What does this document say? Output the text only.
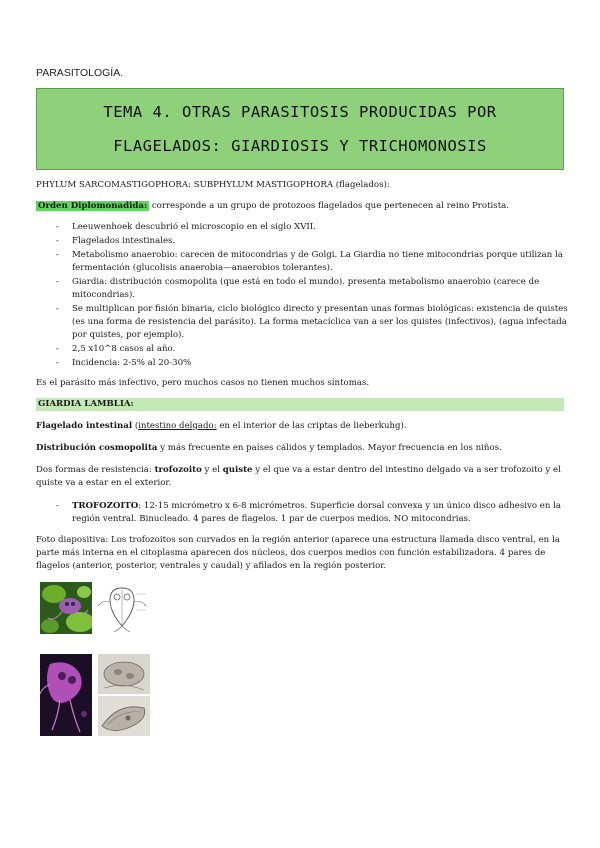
PARASITOLOGÍA.
TEMA 4. OTRAS PARASITOSIS PRODUCIDAS POR FLAGELADOS: GIARDIOSIS Y TRICHOMONOSIS
PHYLUM SARCOMASTIGOPHORA: SUBPHYLUM MASTIGOPHORA (flagelados):
Orden Diplomonadida: corresponde a un grupo de protozoos flagelados que pertenecen al reino Protista.
- Leeuwenhoek descubrió el microscopio en el siglo XVII.
- Flagelados intestinales.
- Metabolismo anaerobio: carecen de mitocondrias y de Golgi. La Giardia no tiene mitocondrias porque utilizan la fermentación (glucolisis anaerobia—anaerobios tolerantes).
- Giardia: distribución cosmopolita (que está en todo el mundo). presenta metabolismo anaerobio (carece de mitocondrias).
- Se multiplican por fisión binaria, ciclo biológico directo y presentan unas formas biológicas: existencia de quistes (es una forma de resistencia del parásito). La forma metacíclica van a ser los quistes (infectivos), (agua infectada por quistes, por ejemplo).
- 2,5 x10^8 casos al año.
- Incidencia: 2-5% al 20-30%
Es el parásito más infectivo, pero muchos casos no tienen muchos síntomas.
GIARDIA LAMBLIA:
Flagelado intestinal (intestino delgado: en el interior de las criptas de lieberkuhg).
Distribución cosmopolita y más frecuente en países cálidos y templados. Mayor frecuencia en los niños.
Dos formas de resistencia: trofozoito y el quiste y el que va a estar dentro del intestino delgado va a ser trofozoito y el quiste va a estar en el exterior.
- TROFOZOITO: 12-15 micrómetro x 6-8 micrómetros. Superficie dorsal convexa y un único disco adhesivo en la región ventral. Binucleado. 4 pares de flagelos. 1 par de cuerpos medios. NO mitocondrias.
Foto diapositiva: Los trofozoitos son curvados en la región anterior (aparece una estructura llamada disco ventral, en la parte más interna en el citoplasma aparecen dos núcleos, dos cuerpos medios con función estabilizadora. 4 pares de flagelos (anterior, posterior, ventrales y caudal) y afilados en la región posterior.
